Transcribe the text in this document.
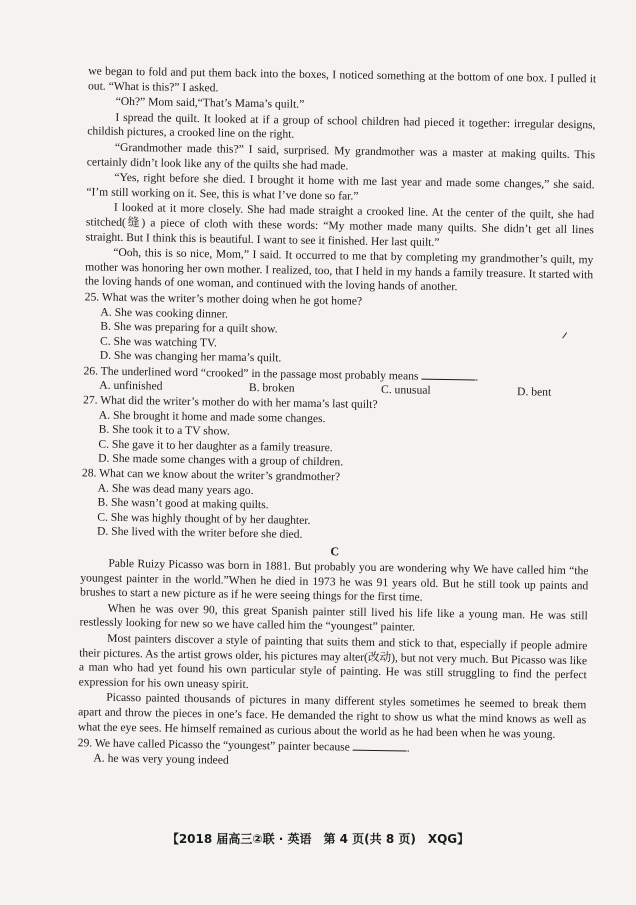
we began to fold and put them back into the boxes, I noticed something at the bottom of one box. I pulled it out. “What is this?” I asked.

“Oh?” Mom said,“That’s Mama’s quilt.”

I spread the quilt. It looked at if a group of school children had pieced it together: irregular designs, childish pictures, a crooked line on the right.

“Grandmother made this?” I said, surprised. My grandmother was a master at making quilts. This certainly didn’t look like any of the quilts she had made.

“Yes, right before she died. I brought it home with me last year and made some changes,” she said. “I’m still working on it. See, this is what I’ve done so far.”

I looked at it more closely. She had made straight a crooked line. At the center of the quilt, she had stitched(缝) a piece of cloth with these words: “My mother made many quilts. She didn’t get all lines straight. But I think this is beautiful. I want to see it finished. Her last quilt.”

“Ooh, this is so nice, Mom,” I said. It occurred to me that by completing my grandmother’s quilt, my mother was honoring her own mother. I realized, too, that I held in my hands a family treasure. It started with the loving hands of one woman, and continued with the loving hands of another.

25. What was the writer’s mother doing when he got home?

A. She was cooking dinner.

B. She was preparing for a quilt show.

C. She was watching TV.

D. She was changing her mama’s quilt.

26. The underlined word “crooked” in the passage most probably means	.

A. unfinished	B. broken	C. unusual	D. bent

27. What did the writer’s mother do with her mama’s last quilt?

A. She brought it home and made some changes.

B. She took it to a TV show.

C. She gave it to her daughter as a family treasure.

D. She made some changes with a group of children.

28. What can we know about the writer’s grandmother?

A. She was dead many years ago.

B. She wasn’t good at making quilts.

C. She was highly thought of by her daughter.

D. She lived with the writer before she died.

C

Pable Ruizy Picasso was born in 1881. But probably you are wondering why We have called him “the youngest painter in the world.”When he died in 1973 he was 91 years old. But he still took up paints and brushes to start a new picture as if he were seeing things for the first time.

When he was over 90, this great Spanish painter still lived his life like a young man. He was still restlessly looking for new so we have called him the “youngest” painter.

Most painters discover a style of painting that suits them and stick to that, especially if people admire their pictures. As the artist grows older, his pictures may alter(改动), but not very much. But Picasso was like a man who had yet found his own particular style of painting. He was still struggling to find the perfect expression for his own uneasy spirit.

Picasso painted thousands of pictures in many different styles sometimes he seemed to break them apart and throw the pieces in one’s face. He demanded the right to show us what the mind knows as well as what the eye sees. He himself remained as curious about the world as he had been when he was young.

29. We have called Picasso the “youngest” painter because	.

A. he was very young indeed

【2018 届高三②联 · 英语　第 4 页(共 8 页)　XQG】
